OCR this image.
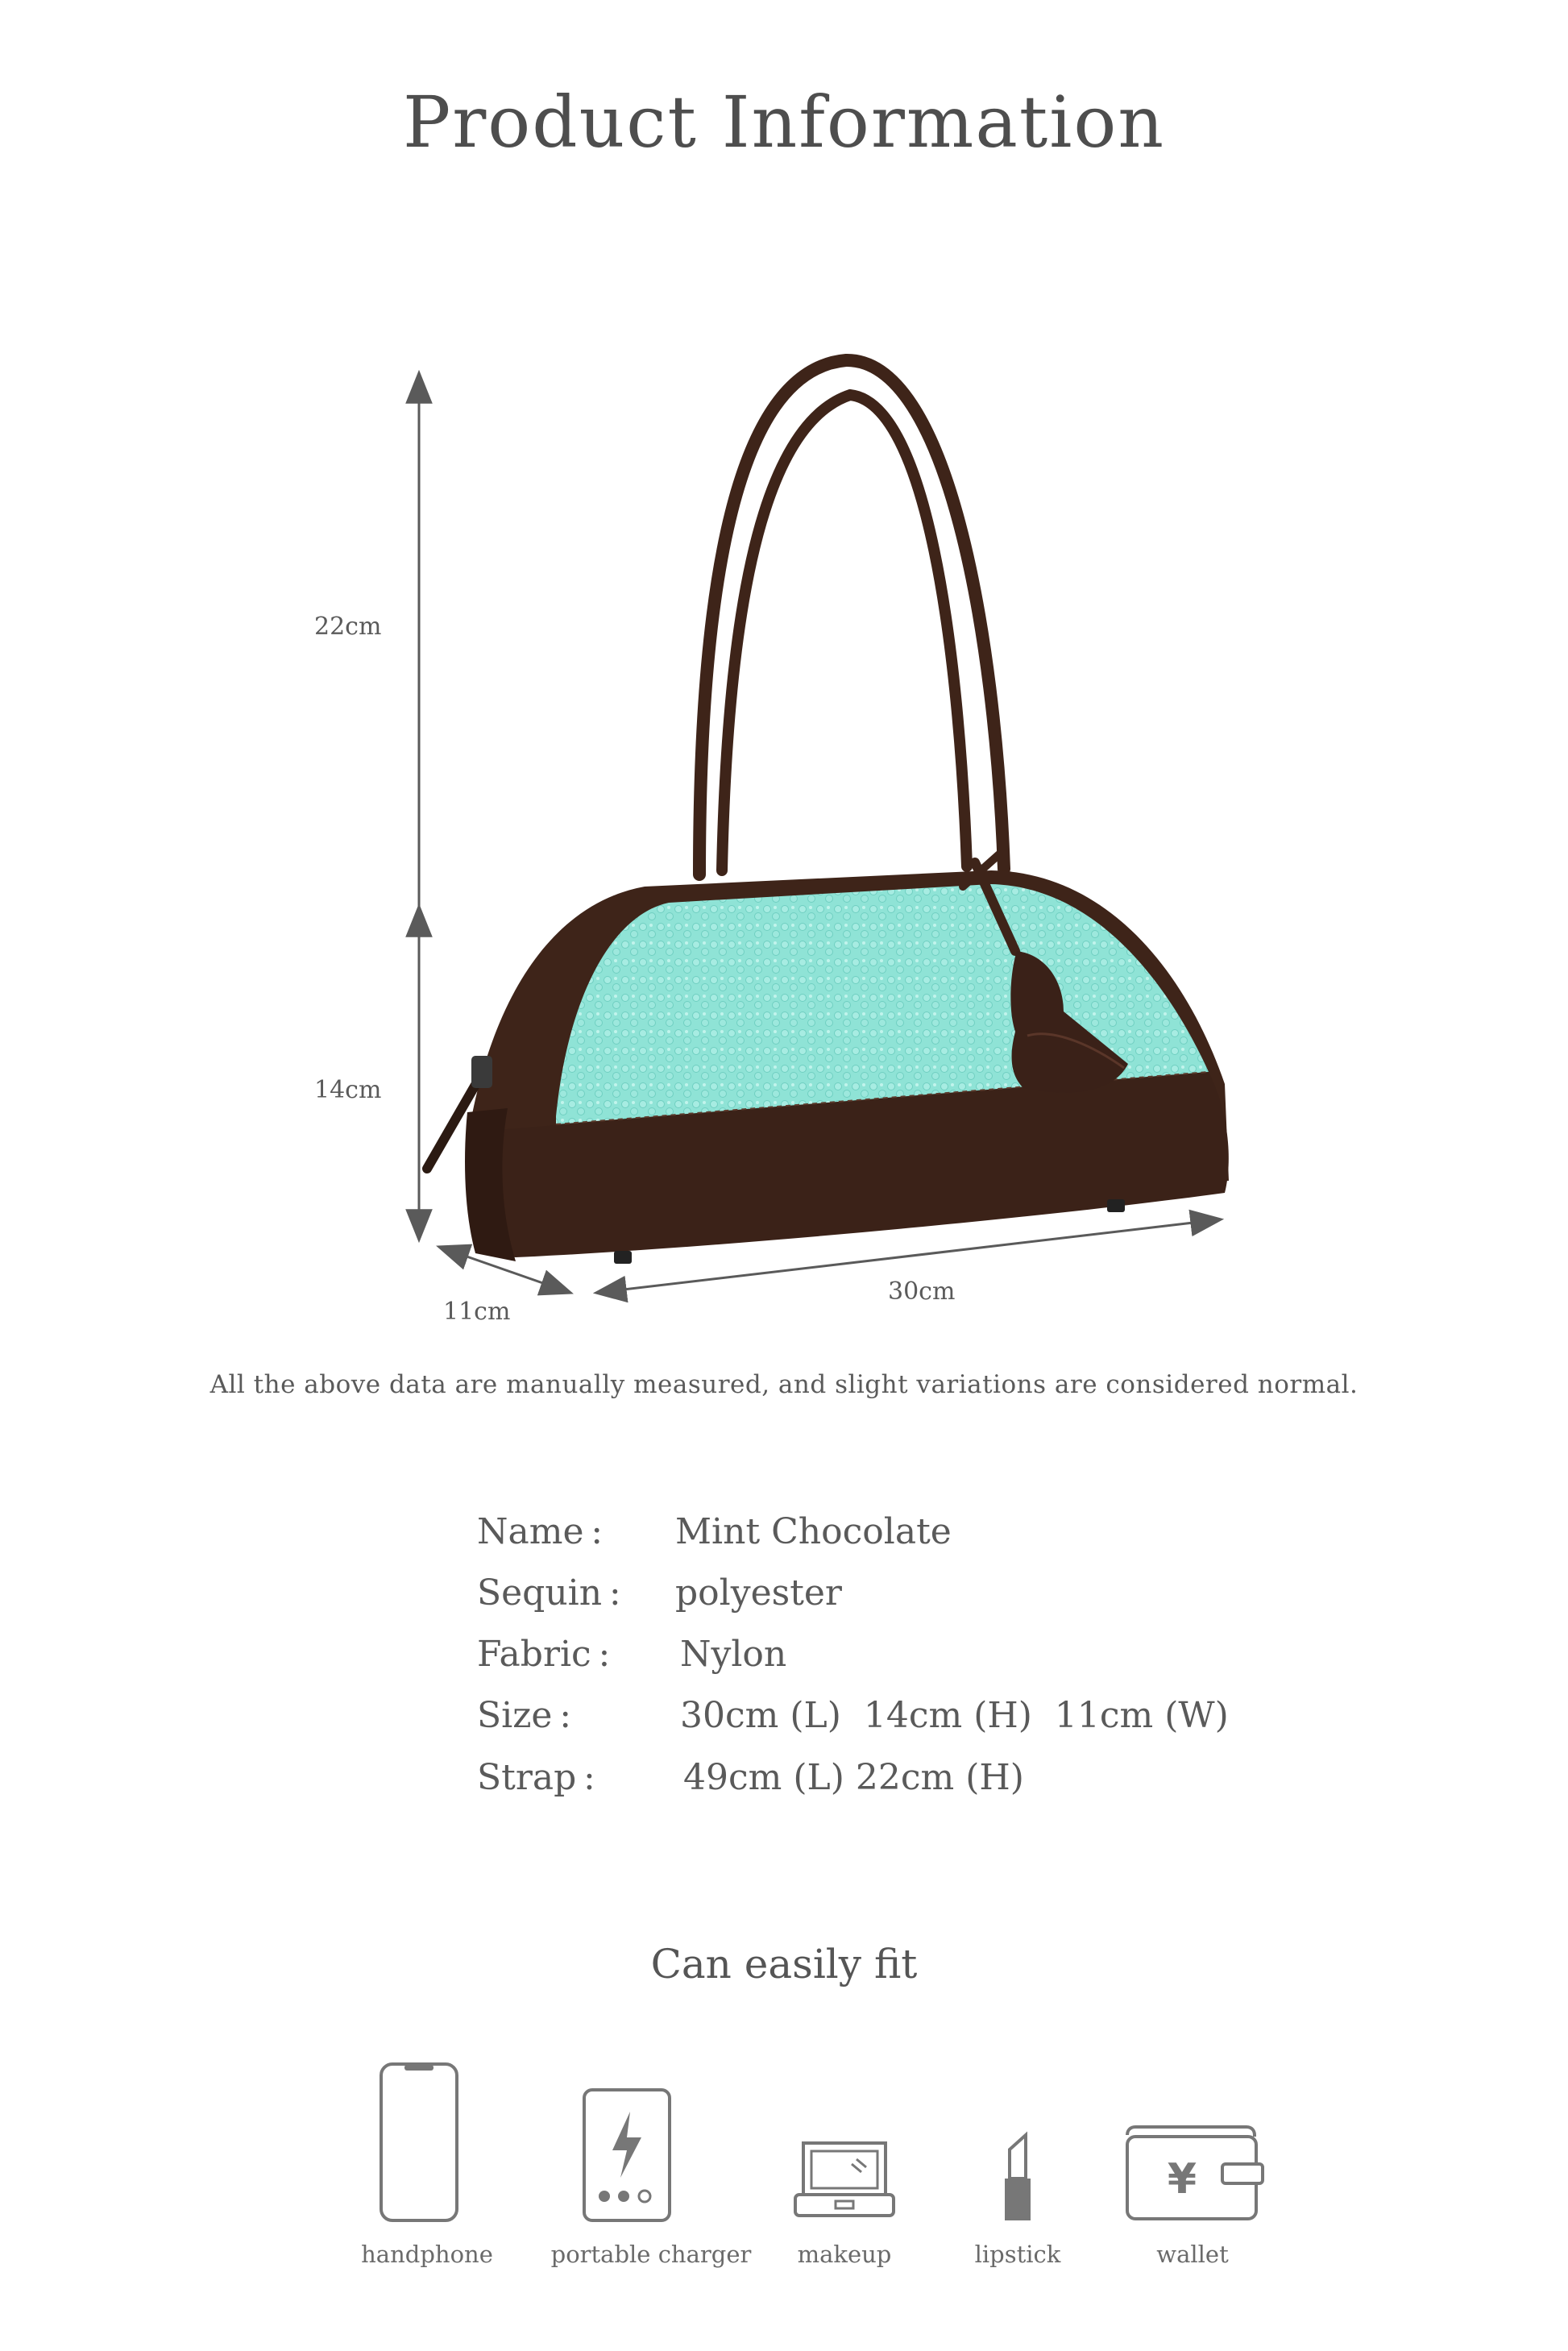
Product Information
22cm
14cm
11cm
30cm
All the above data are manually measured, and slight variations are considered normal.
Name : Mint Chocolate
Sequin : polyester
Fabric : Nylon
Size :	30cm (L)  14cm (H)  11cm (W)
Strap : 49cm (L) 22cm (H)
Can easily fit
¥
handphone	portable charger	makeup	lipstick	wallet
